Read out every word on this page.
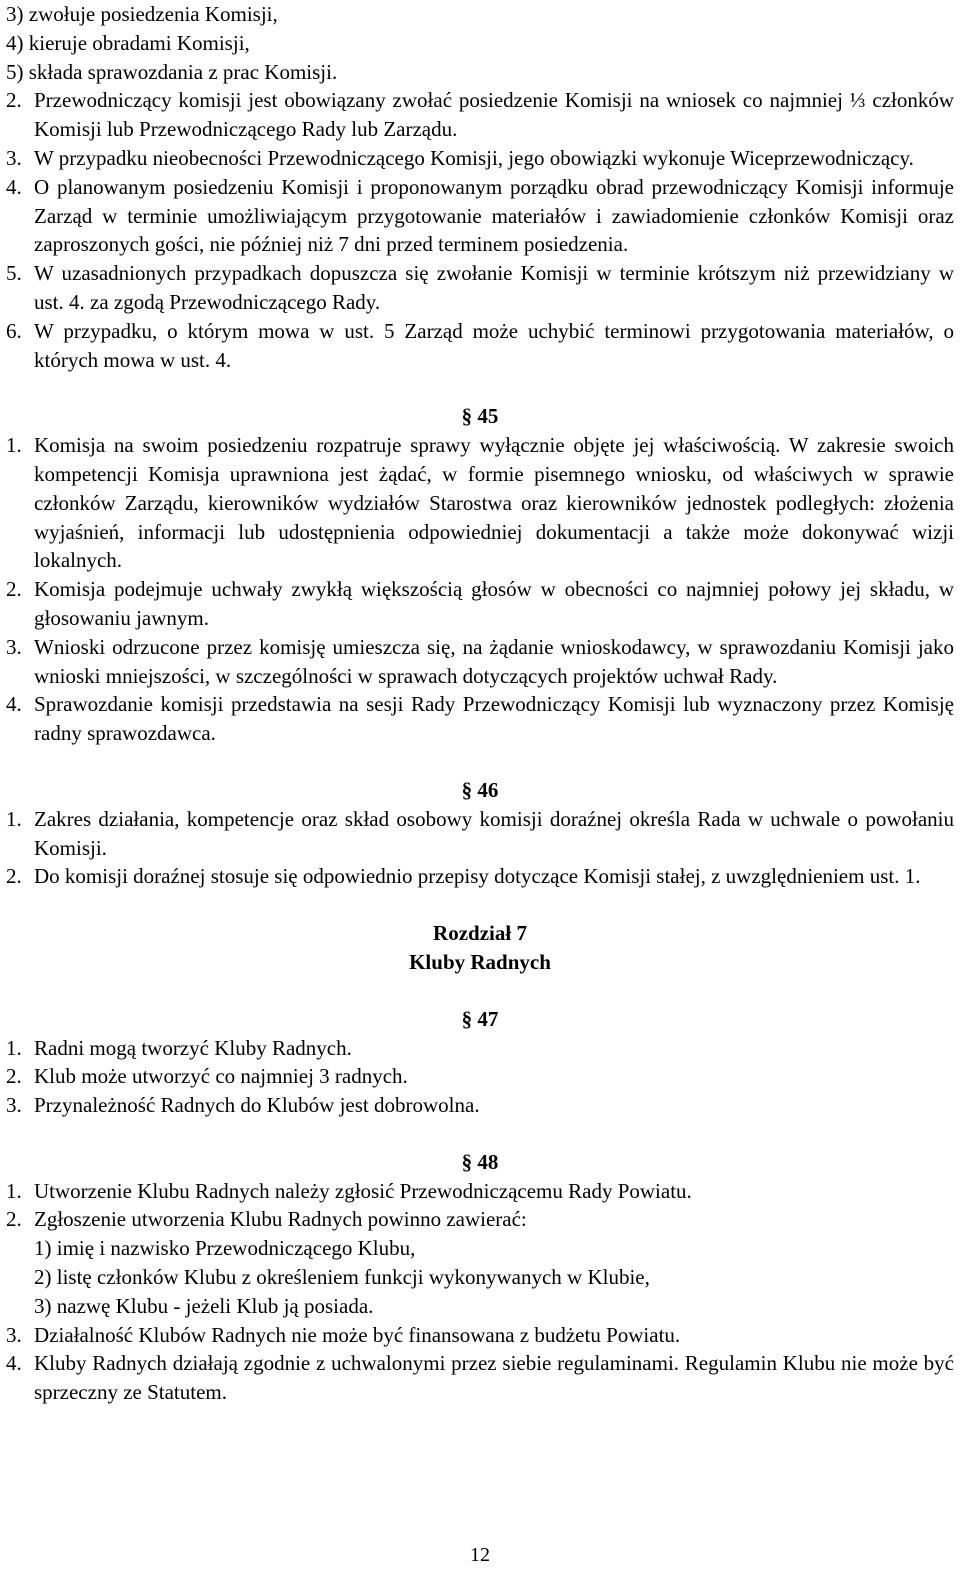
3) zwołuje posiedzenia Komisji,
4) kieruje obradami Komisji,
5) składa sprawozdania z prac Komisji.
2. Przewodniczący komisji jest obowiązany zwołać posiedzenie Komisji na wniosek co najmniej ⅓ członków Komisji lub Przewodniczącego Rady lub Zarządu.
3. W przypadku nieobecności Przewodniczącego Komisji, jego obowiązki wykonuje Wiceprzewodniczący.
4. O planowanym posiedzeniu Komisji i proponowanym porządku obrad przewodniczący Komisji informuje Zarząd w terminie umożliwiającym przygotowanie materiałów i zawiadomienie członków Komisji oraz zaproszonych gości, nie później niż 7 dni przed terminem posiedzenia.
5. W uzasadnionych przypadkach dopuszcza się zwołanie Komisji w terminie krótszym niż przewidziany w ust. 4. za zgodą Przewodniczącego Rady.
6. W przypadku, o którym mowa w ust. 5 Zarząd może uchybić terminowi przygotowania materiałów, o których mowa w ust. 4.
§ 45
1. Komisja na swoim posiedzeniu rozpatruje sprawy wyłącznie objęte jej właściwością. W zakresie swoich kompetencji Komisja uprawniona jest żądać, w formie pisemnego wniosku, od właściwych w sprawie członków Zarządu, kierowników wydziałów Starostwa oraz kierowników jednostek podległych: złożenia wyjaśnień, informacji lub udostępnienia odpowiedniej dokumentacji a także może dokonywać wizji lokalnych.
2. Komisja podejmuje uchwały zwykłą większością głosów w obecności co najmniej połowy jej składu, w głosowaniu jawnym.
3. Wnioski odrzucone przez komisję umieszcza się, na żądanie wnioskodawcy, w sprawozdaniu Komisji jako wnioski mniejszości, w szczególności w sprawach dotyczących projektów uchwał Rady.
4. Sprawozdanie komisji przedstawia na sesji Rady Przewodniczący Komisji lub wyznaczony przez Komisję radny sprawozdawca.
§ 46
1. Zakres działania, kompetencje oraz skład osobowy komisji doraźnej określa Rada w uchwale o powołaniu Komisji.
2. Do komisji doraźnej stosuje się odpowiednio przepisy dotyczące Komisji stałej, z uwzględnieniem ust. 1.
Rozdział 7
Kluby Radnych
§ 47
1. Radni mogą tworzyć Kluby Radnych.
2. Klub może utworzyć co najmniej 3 radnych.
3. Przynależność Radnych do Klubów jest dobrowolna.
§ 48
1. Utworzenie Klubu Radnych należy zgłosić Przewodniczącemu Rady Powiatu.
2. Zgłoszenie utworzenia Klubu Radnych powinno zawierać:
1) imię i nazwisko Przewodniczącego Klubu,
2) listę członków Klubu z określeniem funkcji wykonywanych w Klubie,
3) nazwę Klubu - jeżeli Klub ją posiada.
3. Działalność Klubów Radnych nie może być finansowana z budżetu Powiatu.
4. Kluby Radnych działają zgodnie z uchwalonymi przez siebie regulaminami. Regulamin Klubu nie może być sprzeczny ze Statutem.
12
